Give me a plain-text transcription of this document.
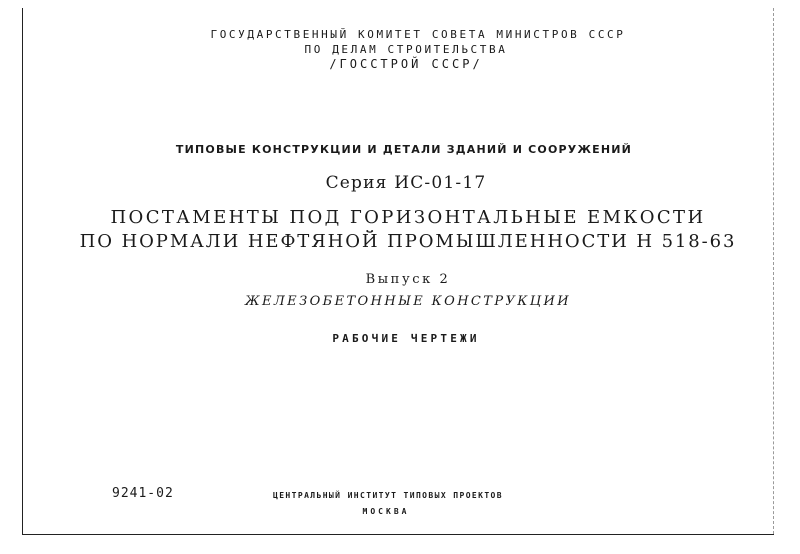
ГОСУДАРСТВЕННЫЙ КОМИТЕТ СОВЕТА МИНИСТРОВ СССР
ПО ДЕЛАМ СТРОИТЕЛЬСТВА
/ГОССТРОЙ СССР/
ТИПОВЫЕ КОНСТРУКЦИИ И ДЕТАЛИ ЗДАНИЙ И СООРУЖЕНИЙ
Серия ИС-01-17
ПОСТАМЕНТЫ ПОД ГОРИЗОНТАЛЬНЫЕ ЕМКОСТИ
ПО НОРМАЛИ НЕФТЯНОЙ ПРОМЫШЛЕННОСТИ Н 518-63
Выпуск 2
ЖЕЛЕЗОБЕТОННЫЕ КОНСТРУКЦИИ
РАБОЧИЕ ЧЕРТЕЖИ
9241-02	ЦЕНТРАЛЬНЫЙ ИНСТИТУТ ТИПОВЫХ ПРОЕКТОВ
МОСКВА
